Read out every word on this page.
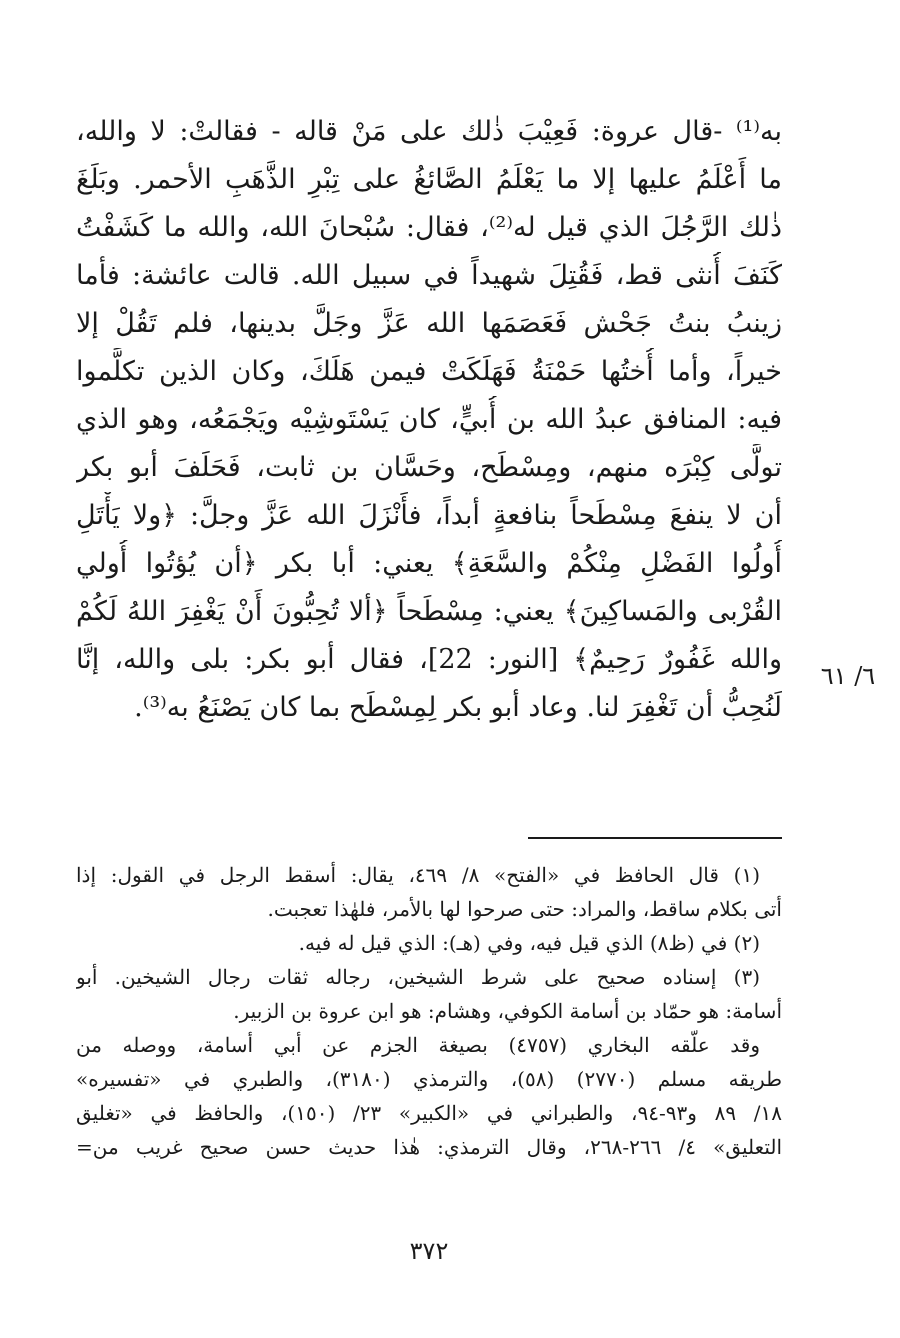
به⁽¹⁾ -قال عروة: فَعِيْبَ ذٰلك على مَنْ قاله - فقالتْ: لا والله،
ما أَعْلَمُ عليها إلا ما يَعْلَمُ الصَّائغُ على تِبْرِ الذَّهَبِ الأحمر. وبَلَغَ
ذٰلك الرَّجُلَ الذي قيل له⁽²⁾، فقال: سُبْحانَ الله، والله ما كَشَفْتُ
كَنَفَ أُنثى قط، فَقُتِلَ شهيداً في سبيل الله. قالت عائشة: فأما
زينبُ بنتُ جَحْش فَعَصَمَها الله عَزَّ وجَلَّ بدينها، فلم تَقُلْ إلا
خيراً، وأما أُختُها حَمْنَةُ فَهَلَكَتْ فيمن هَلَكَ، وكان الذين تكلَّموا
فيه: المنافق عبدُ الله بن أُبيٍّ، كان يَسْتَوشِيْه ويَجْمَعُه، وهو الذي
تولَّى كِبْرَه منهم، ومِسْطَح، وحَسَّان بن ثابت، فَحَلَفَ أبو بكر
أن لا ينفعَ مِسْطَحاً بنافعةٍ أبداً، فأَنْزَلَ الله عَزَّ وجلَّ: ﴿ولا يَأْتَلِ
أُولُوا الفَضْلِ مِنْكُمْ والسَّعَةِ﴾ يعني: أبا بكر ﴿أن يُؤتُوا أُولي
القُرْبى والمَساكِينَ﴾ يعني: مِسْطَحاً ﴿ألا تُحِبُّونَ أَنْ يَغْفِرَ اللهُ لَكُمْ
والله غَفُورٌ رَحِيمٌ﴾ [النور: 22]، فقال أبو بكر: بلى والله، إنَّا
لَنُحِبُّ أن تَغْفِرَ لنا. وعاد أبو بكر لِمِسْطَح بما كان يَصْنَعُ به⁽³⁾.
٦/ ٦١
(١) قال الحافظ في «الفتح» ٨/ ٤٦٩، يقال: أسقط الرجل في القول: إذا
أتى بكلام ساقط، والمراد: حتى صرحوا لها بالأمر، فلهٰذا تعجبت.
(٢) في (ظ٨) الذي قيل فيه، وفي (هـ): الذي قيل له فيه.
(٣) إسناده صحيح على شرط الشيخين، رجاله ثقات رجال الشيخين. أبو
أسامة: هو حمّاد بن أسامة الكوفي، وهشام: هو ابن عروة بن الزبير.
وقد علّقه البخاري (٤٧٥٧) بصيغة الجزم عن أبي أسامة، ووصله من
طريقه مسلم (٢٧٧٠) (٥٨)، والترمذي (٣١٨٠)، والطبري في «تفسيره»
١٨/ ٨٩ و٩٣-٩٤، والطبراني في «الكبير» ٢٣/ (١٥٠)، والحافظ في «تغليق
التعليق» ٤/ ٢٦٦-٢٦٨، وقال الترمذي: هٰذا حديث حسن صحيح غريب من=
٣٧٢
